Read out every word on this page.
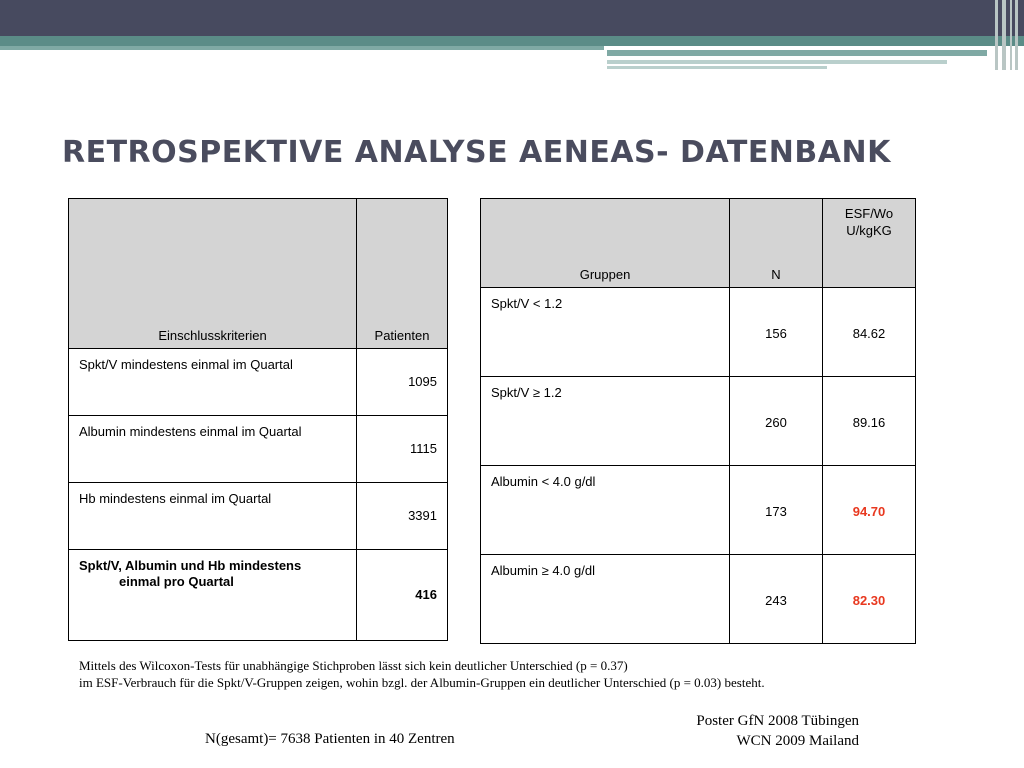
RETROSPEKTIVE ANALYSE AENEAS- DATENBANK
Einschlusskriterien	Patienten

Spkt/V mindestens einmal im Quartal	1095

Albumin mindestens einmal im Quartal	1115

Hb mindestens einmal im Quartal	3391

Spkt/V, Albumin und Hb mindestens
einmal pro Quartal	416
Gruppen	N	ESF/Wo
U/kgKG

Spkt/V < 1.2	156	84.62

Spkt/V ≥ 1.2	260	89.16

Albumin < 4.0 g/dl	173	94.70

Albumin ≥ 4.0 g/dl	243	82.30
Mittels des Wilcoxon-Tests für unabhängige Stichproben lässt sich kein deutlicher Unterschied (p = 0.37)
im ESF-Verbrauch für die Spkt/V-Gruppen zeigen, wohin bzgl. der Albumin-Gruppen ein deutlicher Unterschied (p = 0.03) besteht.
N(gesamt)= 7638 Patienten in 40 Zentren
Poster GfN 2008 Tübingen
WCN 2009 Mailand
